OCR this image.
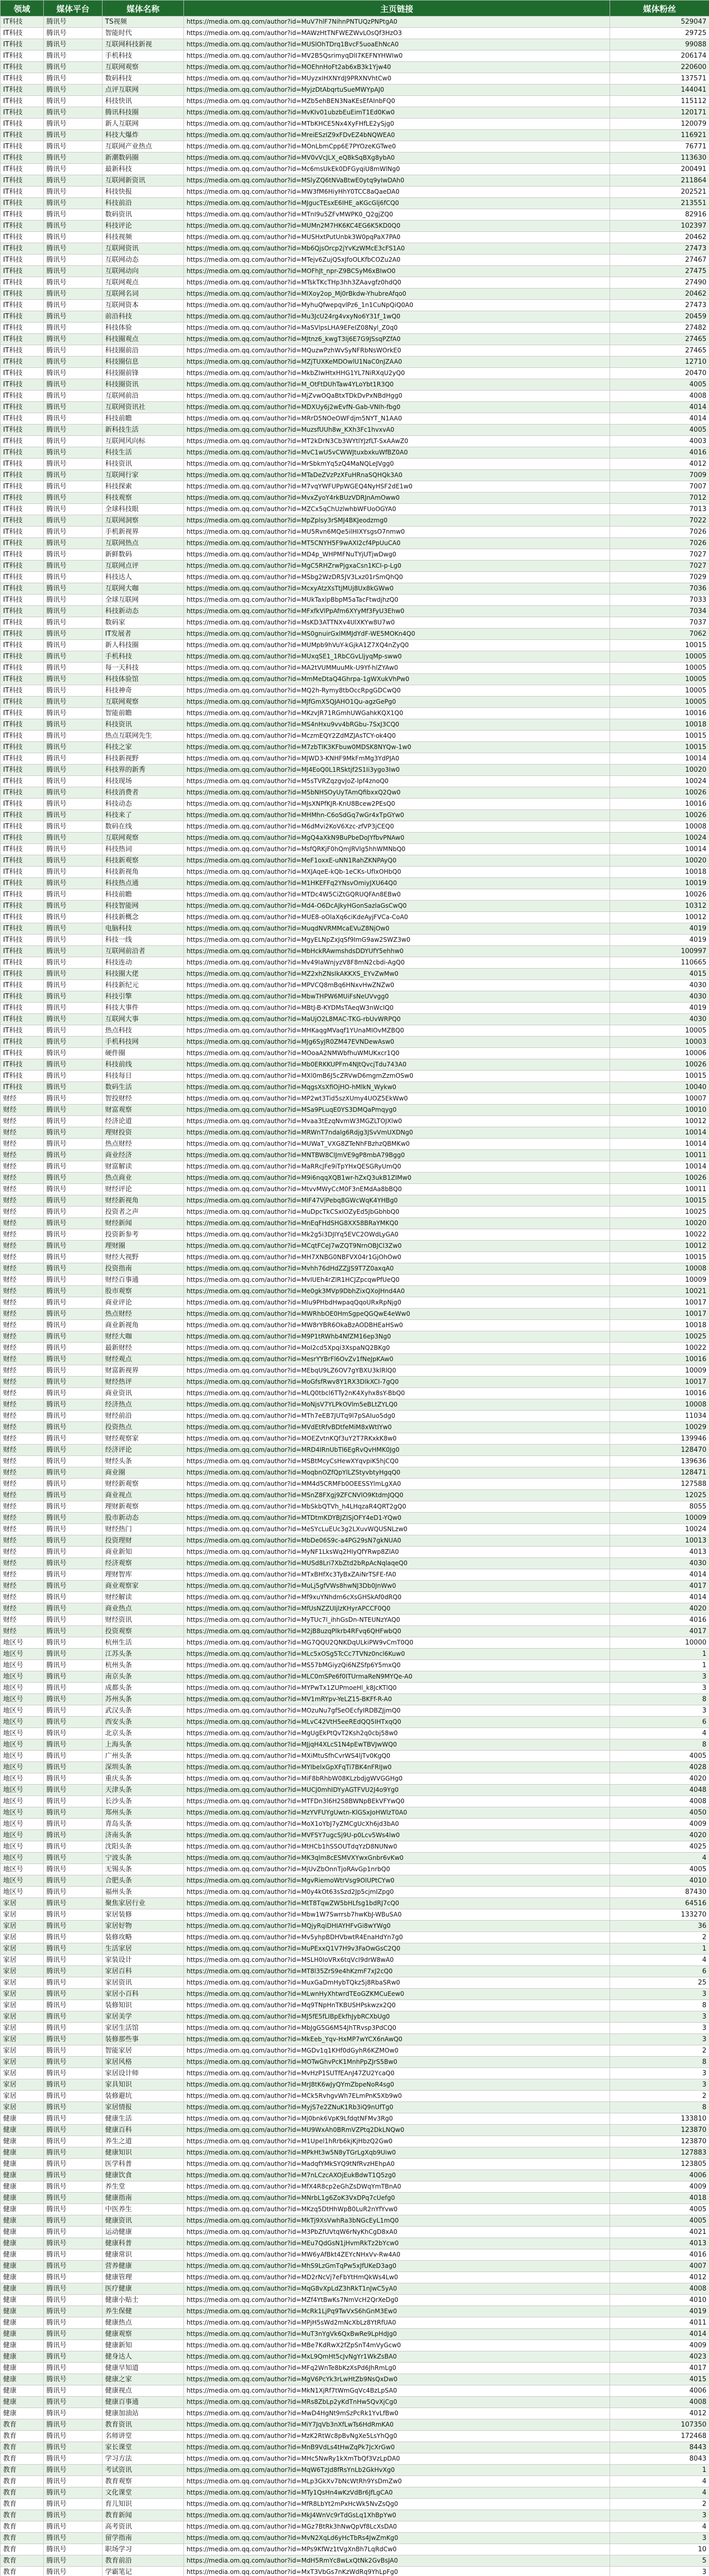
领域	媒体平台	媒体名称	主页链接	媒体粉丝
IT科技	腾讯号	TS视频	https://media.om.qq.com/author?id=MuV7hlF7NihnPNTUQzPNPtgA0	529047
IT科技	腾讯号	智能时代	https://media.om.qq.com/author?id=MAWzHtTNFWEZWvLOsQf3HzO3	29725
IT科技	腾讯号	互联网科技新视	https://media.om.qq.com/author?id=MUSlOhTDrq1BvcF5uoaEhNcA0	99088
IT科技	腾讯号	手机科技	https://media.om.qq.com/author?id=MV2B5QsrimyqDlI7KEFNYHWIw0	206174
IT科技	腾讯号	互联网观察	https://media.om.qq.com/author?id=MOEhnHoFt2ab6xB3k1Yjw40	220600
IT科技	腾讯号	数码科技	https://media.om.qq.com/author?id=MUyzxIHXNYdJ9PRXNVhtCw0	137571
IT科技	腾讯号	点评互联网	https://media.om.qq.com/author?id=MyjzDtAbqrtuSueMWYpAJ0	144041
IT科技	腾讯号	科技快讯	https://media.om.qq.com/author?id=MZb5ehBEN3NaKEsEfAInbFQ0	115112
IT科技	腾讯号	腾讯科技圈	https://media.om.qq.com/author?id=MvKIv01ubzbEuEimT1Ed0Kw0	120171
IT科技	腾讯号	新人互联网	https://media.om.qq.com/author?id=MTbKHCE5Nx4XyFHfLE2ySjg0	120079
IT科技	腾讯号	科技大爆炸	https://media.om.qq.com/author?id=MreiESzIZ9xFDvEZ4bNQWEA0	116921
IT科技	腾讯号	互联网产业热点	https://media.om.qq.com/author?id=MOnLbmCpp6E7PYOzeKGTwe0	76771
IT科技	腾讯号	新潮数码圈	https://media.om.qq.com/author?id=MV0vVcJLX_eQ8kSqBXg8ybA0	113630
IT科技	腾讯号	最新科技	https://media.om.qq.com/author?id=Mc6msUkEk0DFGyqiU8mWlNg0	200491
IT科技	腾讯号	互联网新资讯	https://media.om.qq.com/author?id=MSlyZQ6tNVaBtwE0ytq9yIwDAh0	211864
IT科技	腾讯号	科技快报	https://media.om.qq.com/author?id=MW3fM6HiyHhY0TCC8aQaeDA0	202521
IT科技	腾讯号	科技前沿	https://media.om.qq.com/author?id=MJgucTEsxE6IHE_aKGcGlj6fCQ0	213551
IT科技	腾讯号	数码资讯	https://media.om.qq.com/author?id=MTnI9u5ZFvMWPK0_Q2gjZQ0	82916
IT科技	腾讯号	科技评论	https://media.om.qq.com/author?id=MUMn2M7HK6KC4EG6K5KD0Q0	102397
IT科技	腾讯号	科技视频	https://media.om.qq.com/author?id=MUSHxtPutUnbk3W0pqPaX7PA0	20462
IT科技	腾讯号	互联网资讯	https://media.om.qq.com/author?id=Mb6QjsOrcp2jYvKzWMcE3cFS1A0	27473
IT科技	腾讯号	互联网动态	https://media.om.qq.com/author?id=MTejv6ZujQSxJfoOLKfbCOZu2A0	27467
IT科技	腾讯号	互联网动向	https://media.om.qq.com/author?id=MOFhJt_npr-Z9BCSyM6xBIwO0	27475
IT科技	腾讯号	互联网观点	https://media.om.qq.com/author?id=MTskTKcTHp3hh3ZAavgfz0hdQ0	27490
IT科技	腾讯号	互联网名词	https://media.om.qq.com/author?id=MIXoy2op_Mj0rBkdw-YhubreAfqo0	20462
IT科技	腾讯号	互联网资本	https://media.om.qq.com/author?id=MyhuQfwepqvlPz6_1n1CuNpQiQ0A0	27473
IT科技	腾讯号	前沿科技	https://media.om.qq.com/author?id=Mu3JcU24rg4vxyNo6Y31f_1wQ0	20459
IT科技	腾讯号	科技体验	https://media.om.qq.com/author?id=MaSVlpsLHA9EFeIZ08Nyl_Z0q0	27482
IT科技	腾讯号	科技圈观点	https://media.om.qq.com/author?id=MJtnz6_kwgT3Ij6E7G9JSsqPZfA0	27465
IT科技	腾讯号	科技圈前沿	https://media.om.qq.com/author?id=MQuzwPzhWvSyNFRbNsWOrkE0	27465
IT科技	腾讯号	科技圈信息	https://media.om.qq.com/author?id=MZjTUXKeMDOwlU1NaC0nJZAA0	12710
IT科技	腾讯号	科技圈前锋	https://media.om.qq.com/author?id=MkbZIwHtxHHG1YL7NiRXqU2yQ0	20470
IT科技	腾讯号	科技圈资讯	https://media.om.qq.com/author?id=M_OtFtDUhTaw4YLoYbt1R3Q0	4005
IT科技	腾讯号	互联网前沿	https://media.om.qq.com/author?id=MjZvwOQaBtxTDkDvPxNBdHgg0	4008
IT科技	腾讯号	互联网资讯社	https://media.om.qq.com/author?id=MDXUy6j2wEvfN-Gab-VNIh-fbg0	4014
IT科技	腾讯号	科技前瞻	https://media.om.qq.com/author?id=MRrD5NOeOWFdjm5NYT_N1AA0	4014
IT科技	腾讯号	新科技生活	https://media.om.qq.com/author?id=MuzsfUUh8w_KXh3Fc1hvxvA0	4005
IT科技	腾讯号	互联网风向标	https://media.om.qq.com/author?id=MT2kDrN3Cb3WYtlYJzfLT-SxAAwZ0	4003
IT科技	腾讯号	科技生活	https://media.om.qq.com/author?id=MvC1wU5vCWWJtuxbxkuWfBZ0A0	4016
IT科技	腾讯号	科技资讯	https://media.om.qq.com/author?id=MrSbkmYq5zQ4MaNQLeJVgg0	4012
IT科技	腾讯号	互联网行家	https://media.om.qq.com/author?id=MTaDeZVzPzXFuHRnaSQHQk3A0	7009
IT科技	腾讯号	科技探索	https://media.om.qq.com/author?id=M7vqYWFUPpWGEQ4NyHSF2dE1w0	7007
IT科技	腾讯号	科技观察	https://media.om.qq.com/author?id=MvxZyoY4rkBUzVDRJnAmOww0	7012
IT科技	腾讯号	全球科技眼	https://media.om.qq.com/author?id=MZCx5qChUzlwhbWFUoOGYA0	7013
IT科技	腾讯号	互联网洞察	https://media.om.qq.com/author?id=MpZplsy3rSMJ4BKJeodzmg0	7022
IT科技	腾讯号	手机新视界	https://media.om.qq.com/author?id=MU5Rvn6MQe5ilHIXYsgsO7nmw0	7026
IT科技	腾讯号	互联网热点	https://media.om.qq.com/author?id=MT5CNYH5F9wAXI2cf4PpUuCA0	7026
IT科技	腾讯号	新鲜数码	https://media.om.qq.com/author?id=MD4p_WHPMFNuTYjUTjwDwg0	7027
IT科技	腾讯号	互联网点评	https://media.om.qq.com/author?id=MgC5RHZrwPjgxaCsn1KCI-p-Lg0	7027
IT科技	腾讯号	科技达人	https://media.om.qq.com/author?id=MSbg2WzDR5JV3Lxz01rSmQhQ0	7029
IT科技	腾讯号	互联网大咖	https://media.om.qq.com/author?id=McxyAtzXsTtjMUj8Ux8kGWw0	7036
IT科技	腾讯号	全球互联网	https://media.om.qq.com/author?id=MUkTaxlpBbpM5aTacFtwdjhzQ0	7033
IT科技	腾讯号	科技新动态	https://media.om.qq.com/author?id=MFxfkVlPpAfm6XYyMf3FyU3Ehw0	7034
IT科技	腾讯号	数码家	https://media.om.qq.com/author?id=MsKD3ATTNXv4UlXKYw8U7w0	7037
IT科技	腾讯号	IT发展者	https://media.om.qq.com/author?id=MS0gnuirGxlMMJdYdF-WE5MOKn4Q0	7062
IT科技	腾讯号	新人科技圈	https://media.om.qq.com/author?id=MUMpb9hVuY-kGjkA1Z7XQ4nZyQ0	10015
IT科技	腾讯号	手机科技	https://media.om.qq.com/author?id=MUxqSE1_1RbCGvLljyqMp-sww0	10005
IT科技	腾讯号	每一天科技	https://media.om.qq.com/author?id=MA2tVUMMuuMk-U9Yf-hlZYAw0	10005
IT科技	腾讯号	科技体验馆	https://media.om.qq.com/author?id=MmMeDtaQ4Ghrpa-1gWXukVhPw0	10005
IT科技	腾讯号	科技神奇	https://media.om.qq.com/author?id=MQ2h-Rymy8tbOccRpgGDCwQ0	10005
IT科技	腾讯号	互联网观察	https://media.om.qq.com/author?id=MJfGmX5QJAHO1Qu-agzGePg0	10005
IT科技	腾讯号	智能前瞻	https://media.om.qq.com/author?id=MKzvJR71RGmhUWGahkKQX1Q0	10016
IT科技	腾讯号	科技资讯	https://media.om.qq.com/author?id=MS4nHxu9vv4bRGbu-7SxJ3CQ0	10018
IT科技	腾讯号	热点互联网先生	https://media.om.qq.com/author?id=MczmEQY2ZdMZJAsTCY-ok4Q0	10015
IT科技	腾讯号	科技之家	https://media.om.qq.com/author?id=M7zbTIK3KFbuw0MDSK8NYQw-1w0	10015
IT科技	腾讯号	科技新视野	https://media.om.qq.com/author?id=MJWD3-KNHF9MkFmMg3YdPJA0	10014
IT科技	腾讯号	科技界的新秀	https://media.om.qq.com/author?id=MJ4EoQ0L1RSktjf2S1Ii3ygo3Iw0	10020
IT科技	腾讯号	科技现场	https://media.om.qq.com/author?id=M5sTVRZqzgvJoZ-lpf4znoQ0	10024
IT科技	腾讯号	科技消费者	https://media.om.qq.com/author?id=M5bNHSOyUyTAmQfibxxQ2Qw0	10026
IT科技	腾讯号	科技动态	https://media.om.qq.com/author?id=MJsXNPfKJR-KnU8Bcew2PEsQ0	10016
IT科技	腾讯号	科技来了	https://media.om.qq.com/author?id=MHMhn-C6oSdGq7wGr4xTpGYw0	10026
IT科技	腾讯号	数码在线	https://media.om.qq.com/author?id=M6dMvi2KoV6Xzc-zfVP3jCEQ0	10008
IT科技	腾讯号	互联网观察	https://media.om.qq.com/author?id=MgQ4aXkN9BuPbeDoJYfbvPNAw0	10024
IT科技	腾讯号	科技热词	https://media.om.qq.com/author?id=MsfQRKjF0hQmJRVlg5hhWMNbQ0	10014
IT科技	腾讯号	科技新观察	https://media.om.qq.com/author?id=MeF1oxxE-uNN1RahZKNPAyQ0	10020
IT科技	腾讯号	科技新视角	https://media.om.qq.com/author?id=MXJAqeE-kQb-1eCKs-UfIxOHbQ0	10018
IT科技	腾讯号	科技热点通	https://media.om.qq.com/author?id=M1HKEFFq2YNsvOmiyJXU64Q0	10019
IT科技	腾讯号	科技前瞻	https://media.om.qq.com/author?id=MTDc4W5CiZtGQRUQFAn8EBw0	10026
IT科技	腾讯号	科技智能网	https://media.om.qq.com/author?id=Md4-O6DcAJkyHGonSazlaGsCwQ0	10312
IT科技	腾讯号	科技新概念	https://media.om.qq.com/author?id=MUE8-oOlaXq6ciKdeAyjFVCa-CoA0	10012
IT科技	腾讯号	电脑科技	https://media.om.qq.com/author?id=MuqdNVRMMcaEVuZ8NjOw0	4019
IT科技	腾讯号	科技一线	https://media.om.qq.com/author?id=MgyELNpZxJqSf9ImG9aw2SWZ3w0	4019
IT科技	腾讯号	互联网前沿者	https://media.om.qq.com/author?id=MbHckRAwmshdsDDYUfY5ehhw0	100997
IT科技	腾讯号	科技连动	https://media.om.qq.com/author?id=Mv49IaWnjyzV8F8mN2cbdi-AgQ0	110665
IT科技	腾讯号	科技圈大佬	https://media.om.qq.com/author?id=MZ2xhZNsIkAKKXS_EYvZwMw0	4015
IT科技	腾讯号	科技新纪元	https://media.om.qq.com/author?id=MPVCQ8mBq6HNxvHwZNZw0	4030
IT科技	腾讯号	科技引擎	https://media.om.qq.com/author?id=MbwTHPW6MUiFsNeUVvgg0	4030
IT科技	腾讯号	科技大事件	https://media.om.qq.com/author?id=MBtJ-B-KYDMsTAeqW3nWcIQ0	4019
IT科技	腾讯号	互联网大事	https://media.om.qq.com/author?id=MaUjO2L8MAC-TKG-rbUvWRPQ0	4030
IT科技	腾讯号	热点科技	https://media.om.qq.com/author?id=MHKaqgMVaqf1YUnaMIOvMZBQ0	10005
IT科技	腾讯号	手机科技网	https://media.om.qq.com/author?id=MJg6SyJR0ZM47EVNDewAsw0	10003
IT科技	腾讯号	硬件圈	https://media.om.qq.com/author?id=MOoaA2NMWbfhuWMUKxcr1Q0	10006
IT科技	腾讯号	科技前线	https://media.om.qq.com/author?id=Mb0ERKKUPFm4NJtQvcjTdu743A0	10026
IT科技	腾讯号	科技每日	https://media.om.qq.com/author?id=MXl0mB6J5cZRVwD6mgmZzmOSw0	10015
IT科技	腾讯号	数码生活	https://media.om.qq.com/author?id=MqgsXsXfiOjHO-hMlkN_Wykw0	10040
财经	腾讯号	智投财经	https://media.om.qq.com/author?id=MP2wt3Tid5szXUmy4UOZ5EkWw0	10007
财经	腾讯号	财富观察	https://media.om.qq.com/author?id=MSa9PLuqE0YS3DMQaPmqyg0	10010
财经	腾讯号	经济论道	https://media.om.qq.com/author?id=Mvaa3tEzqNvmW3MGZLTOJXlw0	10012
财经	腾讯号	理财投资	https://media.om.qq.com/author?id=MRWnT7ndalg6Rdjg3JSvVmUXDNg0	10014
财经	腾讯号	热点财经	https://media.om.qq.com/author?id=MUWaT_VXG8ZTeNhFBzhzQBMKw0	10014
财经	腾讯号	商业经济	https://media.om.qq.com/author?id=MNTBW8CIJmVE9gP8mbA79Bgg0	10011
财经	腾讯号	财富解读	https://media.om.qq.com/author?id=MaRRcJFe9iTpYHxQESGRyUmQ0	10014
财经	腾讯号	热点商业	https://media.om.qq.com/author?id=M9i6nqqXQB1wr-hZxQ3ukB1ZIMw0	10026
财经	腾讯号	财经评论	https://media.om.qq.com/author?id=MtvvMWyCcM0F3nEMdAa8bBQ0	10011
财经	腾讯号	财经新视角	https://media.om.qq.com/author?id=MIF47VjPebq8GWcWqK4YHBg0	10015
财经	腾讯号	投资者之声	https://media.om.qq.com/author?id=MuDpcTkCSxIOZyEd5JbGbhbQ0	10025
财经	腾讯号	财经新闻	https://media.om.qq.com/author?id=MnEqFHdSHG8XX58BRaYMKQ0	10020
财经	腾讯号	投资新参考	https://media.om.qq.com/author?id=Mk2g5i3DJIYq5EVC2OWdLyGA0	10022
财经	腾讯号	理财圈	https://media.om.qq.com/author?id=MCqtFCeJ7wZQT9NrnOBJCl3Zw0	10012
财经	腾讯号	财经大视野	https://media.om.qq.com/author?id=MH7XNBG0NBFVX04r1GjOhOw0	10015
财经	腾讯号	投资指南	https://media.om.qq.com/author?id=Mvhh76dHdZZjJS9T7Z0axqA0	10008
财经	腾讯号	财经百事通	https://media.om.qq.com/author?id=MvIUEh4rZlR1HCJZpcqwPfUeQ0	10009
财经	腾讯号	股市观察	https://media.om.qq.com/author?id=Me0gk3MVp9DbhZixQXoJHnd4A0	10021
财经	腾讯号	商业评论	https://media.om.qq.com/author?id=MIu9PHbdHwpaqQqoURxRpNjg0	10017
财经	腾讯号	热点财经	https://media.om.qq.com/author?id=MWRhbOE0HmSgpeQGQwE4eWw0	10017
财经	腾讯号	商业新视角	https://media.om.qq.com/author?id=MW8rYBR6OkaBzAODBHEaHSw0	10018
财经	腾讯号	财经大咖	https://media.om.qq.com/author?id=M9P1tRWhb4NfZM16ep3Ng0	10025
财经	腾讯号	最新财经	https://media.om.qq.com/author?id=MoI2cd5Xpqi3XspaNQ2BKg0	10022
财经	腾讯号	财经观点	https://media.om.qq.com/author?id=MesrYYBrFl6OvZv1fNeJpKAw0	10016
财经	腾讯号	财富新视界	https://media.om.qq.com/author?id=MEbqU9LZ6OV7gYBXU3klRlQ0	10009
财经	腾讯号	财经热评	https://media.om.qq.com/author?id=MoGfsfRwv8Y1RX3DlkXCI-7gQ0	10017
财经	腾讯号	商业资讯	https://media.om.qq.com/author?id=MLQ0tbcl6TTy2nK4Xyhx8sY-BbQ0	10016
财经	腾讯号	经济热点	https://media.om.qq.com/author?id=MoNjsV7YLPkOVlm5eBLtZYLQ0	10008
财经	腾讯号	财经前沿	https://media.om.qq.com/author?id=MTh7eEB7JUTq9l7pSAIuo5dg0	11034
财经	腾讯号	投资热点	https://media.om.qq.com/author?id=MVdEtRfvBDtfeMiM8xWtIYw0	10029
财经	腾讯号	财经观察家	https://media.om.qq.com/author?id=MOEZvtnKQf3uY2T7RKxkK8w0	139946
财经	腾讯号	经济评论	https://media.om.qq.com/author?id=MRD4IRnUbTl6EgRvQvHMK0Jg0	128470
财经	腾讯号	财经头条	https://media.om.qq.com/author?id=MSBtMcyCsHewXYqvpiK5hjCQ0	139636
财经	腾讯号	商业圈	https://media.om.qq.com/author?id=MoqbnOZfQpYlLZStyvbtyHgqQ0	128471
财经	腾讯号	财经新观察	https://media.om.qq.com/author?id=MM4d5CRMFb0OEESSYlmLgXA0	127588
财经	腾讯号	商业视点	https://media.om.qq.com/author?id=MSnZ8FXgj9ZFCNVlO9KtdmJQQ0	12025
财经	腾讯号	理财新观察	https://media.om.qq.com/author?id=MbSkbQTVh_h4LHqzaR4QRT2gQ0	8055
财经	腾讯号	股市新动态	https://media.om.qq.com/author?id=MTDtmKDYBJZISjOFY4eD1-YQw0	10009
财经	腾讯号	财经热门	https://media.om.qq.com/author?id=MeSYcLuEUc3g2LXuvWQUSNLzw0	10024
财经	腾讯号	投资理财	https://media.om.qq.com/author?id=MbDe06S9c-a4PG29sN7gkNUA0	10013
财经	腾讯号	商业新知	https://media.om.qq.com/author?id=MyNF1LksWq2HIyQfYRwp8ZlA0	4013
财经	腾讯号	经济观察	https://media.om.qq.com/author?id=MUSd8Lri7XbZtd2bRpAcNqlaqeQ0	4030
财经	腾讯号	理财智库	https://media.om.qq.com/author?id=MTxBHfXc3TyBxZAiNrTSFE-fA0	4014
财经	腾讯号	商业观察家	https://media.om.qq.com/author?id=MuLj5gfVWs8hwNJ3Db0JnWw0	4017
财经	腾讯号	财经解读	https://media.om.qq.com/author?id=Mf9xuYNhdm6cXsGHSkAf0dRQ0	4014
财经	腾讯号	商业热点	https://media.om.qq.com/author?id=MfUsNZZUIjlzKHyrAPCCF0Q0	4020
财经	腾讯号	财经资讯	https://media.om.qq.com/author?id=MyTUc7l_ihhGsDn-NTEUNzYAQ0	4016
财经	腾讯号	投资观察	https://media.om.qq.com/author?id=M2jB8uzqPlkrb4RFvq6QHFwbQ0	4017
地区号	腾讯号	杭州生活	https://media.om.qq.com/author?id=MG7QQU2QNKDqULkiPW9vCmT0Q0	10000
地区号	腾讯号	江苏头条	https://media.om.qq.com/author?id=MLc5xOSg5TcCc7TVNz0ncl6Kuw0	1
地区号	腾讯号	杭州头条	https://media.om.qq.com/author?id=MS57bMGiyzQi6NZSfp6Y5mxQ0	1
地区号	腾讯号	南京头条	https://media.om.qq.com/author?id=MLC0mSPe6f0ITUrmaReN9MYQe-A0	3
地区号	腾讯号	成都头条	https://media.om.qq.com/author?id=MYPwTx1ZUPmoeHl_k8JcKTlQ0	3
地区号	腾讯号	苏州头条	https://media.om.qq.com/author?id=MV1mRYpv-YeLZ15-BKFf-R-A0	8
地区号	腾讯号	武汉头条	https://media.om.qq.com/author?id=MOzuNu7gfSeOEcfyIRDBZJjmQ0	3
地区号	腾讯号	西安头条	https://media.om.qq.com/author?id=MLvC42VtH5eeREdQQ5IHTxqQ0	6
地区号	腾讯号	北京头条	https://media.om.qq.com/author?id=MgUgEkPtQvT2Ksh2q0cbj58w0	4
地区号	腾讯号	上海头条	https://media.om.qq.com/author?id=MJjqH4XLcS1N4pEwTBVJwWQ0	8
地区号	腾讯号	广州头条	https://media.om.qq.com/author?id=MXiMtuSfhCvrWS4ljTv0KgQ0	4005
地区号	腾讯号	深圳头条	https://media.om.qq.com/author?id=MYIbelxGpXFqTi7BK4nFRIJw0	4028
地区号	腾讯号	重庆头条	https://media.om.qq.com/author?id=MiF8bRhbW08KLzbdjgWVGGHg0	4020
地区号	腾讯号	天津头条	https://media.om.qq.com/author?id=MUCJ0mhIDYyAGTFVU2J4o9Yg0	4048
地区号	腾讯号	长沙头条	https://media.om.qq.com/author?id=MTFDn3l6H2S8BWNpBEkVFYwQ0	4008
地区号	腾讯号	郑州头条	https://media.om.qq.com/author?id=MzYVFUYgUwtn-KlGSxJoHWlzT0A0	4050
地区号	腾讯号	青岛头条	https://media.om.qq.com/author?id=MoX1oYbJ7yZMCgUcXh6jd3bA0	4009
地区号	腾讯号	济南头条	https://media.om.qq.com/author?id=MVFSY7ugcSj9U-p0Lcv5Ws4lw0	4020
地区号	腾讯号	沈阳头条	https://media.om.qq.com/author?id=MtHCb1hSSOUTdqYzD8NUNw0	4025
地区号	腾讯号	宁波头条	https://media.om.qq.com/author?id=MK3qlm8cESMVXYwxGnbr6vKw0	4
地区号	腾讯号	无锡头条	https://media.om.qq.com/author?id=MjUvZbOnnTjoRAvGp1nrbQ0	4005
地区号	腾讯号	合肥头条	https://media.om.qq.com/author?id=MgvRiemoWtrVsg9OlUPtCYw0	4010
地区号	腾讯号	福州头条	https://media.om.qq.com/author?id=M0y4kOt63sSzd2Jp5cjmIZpg0	87430
家居	腾讯号	聚焦家居行业	https://media.om.qq.com/author?id=MtT8TqwZW5bHLfsg1bdRJ7cQ0	64516
家居	腾讯号	家居装修	https://media.om.qq.com/author?id=Mbw1W7Swrrsb7hwKbJ-WBuSA0	133270
家居	腾讯号	家居好物	https://media.om.qq.com/author?id=MQjyRqiDHIAYHFvGi8wYWg0	36
家居	腾讯号	装修攻略	https://media.om.qq.com/author?id=Mv5yhpBDHVbwtR4EnaHdYn7g0	2
家居	腾讯号	生活家居	https://media.om.qq.com/author?id=MuPExxQ1V7H9v3FaOwGsC2Q0	1
家居	腾讯号	家装设计	https://media.om.qq.com/author?id=MSLH0IoVRx6tqVcI9drW8wA0	4
家居	腾讯号	家居百科	https://media.om.qq.com/author?id=MT8l35ZrS9e4hKzmF7xJ2cQ0	6
家居	腾讯号	家居资讯	https://media.om.qq.com/author?id=MuxGaDmHybTQkz5j8RbaSRw0	25
家居	腾讯号	家居小百科	https://media.om.qq.com/author?id=MLwnHyXhtwrdTEoGZKMCuEew0	3
家居	腾讯号	装修知识	https://media.om.qq.com/author?id=Mq9TNpHnTKBUSHPskwzx2Q0	8
家居	腾讯号	家居美学	https://media.om.qq.com/author?id=MJ5fE5fLIBpEkfhJybRCXbUg0	3
家居	腾讯号	家居生活馆	https://media.om.qq.com/author?id=MbJgG5G6M54JhTRvsp3PdCQ0	3
家居	腾讯号	装修那些事	https://media.om.qq.com/author?id=MkEeb_Yqv-HxMP7wYCX6nAwQ0	3
家居	腾讯号	智能家居	https://media.om.qq.com/author?id=MGDv1q1KHf0dGyhR6KZMOw0	2
家居	腾讯号	家居风格	https://media.om.qq.com/author?id=MOTwGhvPcK1MnhPpZJrS5Bw0	8
家居	腾讯号	家居设计师	https://media.om.qq.com/author?id=MvHzP1SUTfEAnJ47ZU2YcaQ0	3
家居	腾讯号	家具知识	https://media.om.qq.com/author?id=MrJ8tK6wJyQYmZbpeNoR4sg0	3
家居	腾讯号	装修避坑	https://media.om.qq.com/author?id=MCk5RvhgvWh7ELmPnK5Xb9w0	2
家居	腾讯号	家居情报	https://media.om.qq.com/author?id=MyjS7e2ZNuK1Rb3iQ9nUfTg0	8
健康	腾讯号	健康生活	https://media.om.qq.com/author?id=Mj0bnk6VpK9LfdqtNFMv3Rg0	133810
健康	腾讯号	健康百科	https://media.om.qq.com/author?id=MU9WxAh0BRmVZPtq2DkLNQw0	123870
健康	腾讯号	养生之道	https://media.om.qq.com/author?id=M1Upel1hRrb6kjKjHbzQ2Gw0	123870
健康	腾讯号	健康知识	https://media.om.qq.com/author?id=MPkHt3w5N8yTGrLgXqb9Uiw0	127883
健康	腾讯号	医学科普	https://media.om.qq.com/author?id=MadqfYMkSYQ9tNfRvzHEhpA0	123805
健康	腾讯号	健康饮食	https://media.om.qq.com/author?id=M7nLCzcAXOjEukBdwT1Q5zg0	4006
健康	腾讯号	养生堂	https://media.om.qq.com/author?id=MfX4R8cp2eGhZsDWqYmTBnA0	4009
健康	腾讯号	健康指南	https://media.om.qq.com/author?id=MNrbL1g6ZoK3VxDPq7cUefg0	4018
健康	腾讯号	中医养生	https://media.om.qq.com/author?id=MKzq5DtHhWpB0LuR2nYfYvw0	4005
健康	腾讯号	健康资讯	https://media.om.qq.com/author?id=MkTj9XsVwhRa3bNGcEyL1mQ0	4005
健康	腾讯号	运动健康	https://media.om.qq.com/author?id=M3PbZfUVtqW6rNyKhCgD8xA0	4021
健康	腾讯号	健康科普	https://media.om.qq.com/author?id=MEu7QdGsN1jHvmRkTz2bYcw0	4013
健康	腾讯号	健康常识	https://media.om.qq.com/author?id=MW6yAfBkt4ZEYcNHxVv-Rw4A0	4016
健康	腾讯号	营养健康	https://media.om.qq.com/author?id=MhS9LzGmTqPw5xJfUKeD3ag0	4007
健康	腾讯号	健康管理	https://media.om.qq.com/author?id=MD2rNcVj7eFbYtHmQkWs4Lw0	4012
健康	腾讯号	医疗健康	https://media.om.qq.com/author?id=MqG8vXpLdZ3hRkT1nJwC5yA0	4008
健康	腾讯号	健康小贴士	https://media.om.qq.com/author?id=MZf4YtBwKs7NmVcH2QrXeDg0	4010
健康	腾讯号	养生保健	https://media.om.qq.com/author?id=McRk1LjPq9TwVxS6hGnM3Ew0	4019
健康	腾讯号	健康热点	https://media.om.qq.com/author?id=MPjH5sWd2mNcXbLz8YtRfUA0	4011
健康	腾讯号	健康观察	https://media.om.qq.com/author?id=MuT3nYgVk6QxBwRe9LpHdJg0	4014
健康	腾讯号	健康新知	https://media.om.qq.com/author?id=MBe7KdRwX2fZpSnT4mVyGcw0	4009
健康	腾讯号	健身达人	https://media.om.qq.com/author?id=MxL9QmHt5cJvNgYr1WkZsBA0	4023
健康	腾讯号	健康早知道	https://media.om.qq.com/author?id=MFq2WnTe8bKzXsPd6JhRmLg0	4017
健康	腾讯号	健康之家	https://media.om.qq.com/author?id=MgV6PcYk3rLwHtZb9NsQxDw0	4015
健康	腾讯号	健康视点	https://media.om.qq.com/author?id=MkN1XjRf7tWmGqVc4BzLpSA0	4006
健康	腾讯号	健康百事通	https://media.om.qq.com/author?id=MRs8ZbLp2yKdTnHw5QvXjCg0	4008
健康	腾讯号	健康加油站	https://media.om.qq.com/author?id=MwD4HgNt9mSzPcRk1YvLfBw0	4012
教育	腾讯号	教育资讯	https://media.om.qq.com/author?id=MiY7JqVb3nXfLwTs6HdRmKA0	107350
教育	腾讯号	名师讲堂	https://media.om.qq.com/author?id=MzK2RtWc8pBvNgXe5LsYhQg0	172468
教育	腾讯号	家长课堂	https://media.om.qq.com/author?id=MnB9VdLs4tHwZqPk7JcXrGw0	8443
教育	腾讯号	学习方法	https://media.om.qq.com/author?id=MHc5NwRy1kXmTbQf3VzLpDA0	8043
教育	腾讯号	考试资讯	https://media.om.qq.com/author?id=MqW6TzJd8fRsYnLb2GkHvXg0	1
教育	腾讯号	教育观察	https://media.om.qq.com/author?id=MLp3GkXv7bNcWtRh9YsDmZw0	4
教育	腾讯号	文化课堂	https://media.om.qq.com/author?id=MTy1QsHn4wKzVdBr6JfLgCA0	4
教育	腾讯号	育儿知识	https://media.om.qq.com/author?id=MfR8LbYt2mPxHcWk5NvZsQg0	2
教育	腾讯号	教育新闻	https://media.om.qq.com/author?id=MkJ4WnVc9rTdGsLq1XhBpYw0	3
教育	腾讯号	高考资讯	https://media.om.qq.com/author?id=MGz7BtRk3hNwQpVf8LcXsDA0	4
教育	腾讯号	留学指南	https://media.om.qq.com/author?id=MvN2XqLd6yHcTbRs4JwZmKg0	3
教育	腾讯号	职场学习	https://media.om.qq.com/author?id=MPs9KfWz1tVgXnBh7LqRdCw0	10
教育	腾讯号	教育前沿	https://media.om.qq.com/author?id=MdH5RmYc8wLxQtNk2GvBsJA0	5
教育	腾讯号	学霸笔记	https://media.om.qq.com/author?id=MxT3VbGs7nKzWdRq9YhLpFg0	3
